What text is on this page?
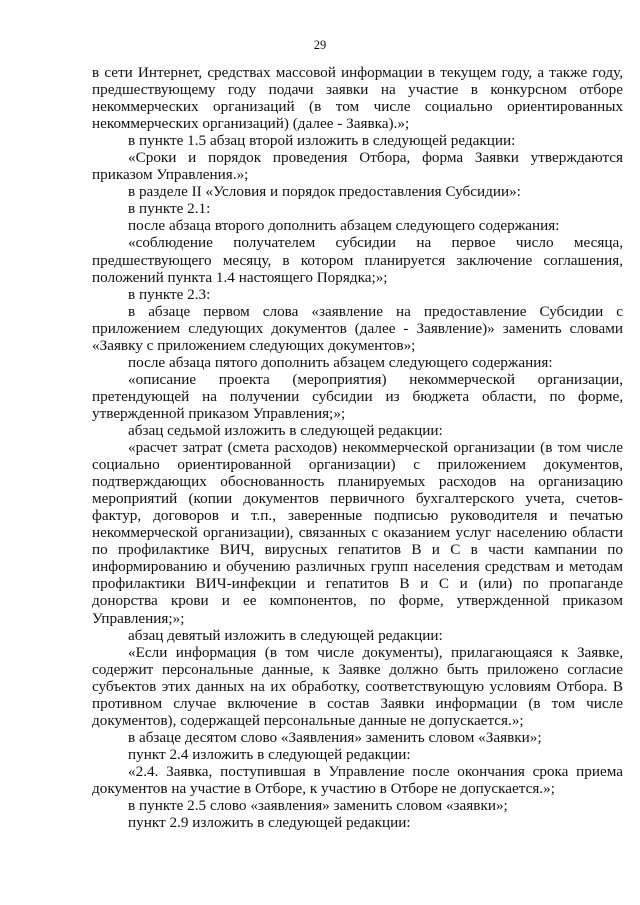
29

в сети Интернет, средствах массовой информации в текущем году, а также году, предшествующему году подачи заявки на участие в конкурсном отборе некоммерческих организаций (в том числе социально ориентированных некоммерческих организаций) (далее - Заявка).»;

в пункте 1.5 абзац второй изложить в следующей редакции:

«Сроки и порядок проведения Отбора, форма Заявки утверждаются приказом Управления.»;

в разделе II «Условия и порядок предоставления Субсидии»:

в пункте 2.1:

после абзаца второго дополнить абзацем следующего содержания:

«соблюдение получателем субсидии на первое число месяца, предшествующего месяцу, в котором планируется заключение соглашения, положений пункта 1.4 настоящего Порядка;»;

в пункте 2.3:

в абзаце первом слова «заявление на предоставление Субсидии с приложением следующих документов (далее - Заявление)» заменить словами «Заявку с приложением следующих документов»;

после абзаца пятого дополнить абзацем следующего содержания:

«описание проекта (мероприятия) некоммерческой организации, претендующей на получении субсидии из бюджета области, по форме, утвержденной приказом Управления;»;

абзац седьмой изложить в следующей редакции:

«расчет затрат (смета расходов) некоммерческой организации (в том числе социально ориентированной организации) с приложением документов, подтверждающих обоснованность планируемых расходов на организацию мероприятий (копии документов первичного бухгалтерского учета, счетов-фактур, договоров и т.п., заверенные подписью руководителя и печатью некоммерческой организации), связанных с оказанием услуг населению области по профилактике ВИЧ, вирусных гепатитов В и С в части кампании по информированию и обучению различных групп населения средствам и методам профилактики ВИЧ-инфекции и гепатитов В и С и (или) по пропаганде донорства крови и ее компонентов, по форме, утвержденной приказом Управления;»;

абзац девятый изложить в следующей редакции:

«Если информация (в том числе документы), прилагающаяся к Заявке, содержит персональные данные, к Заявке должно быть приложено согласие субъектов этих данных на их обработку, соответствующую условиям Отбора. В противном случае включение в состав Заявки информации (в том числе документов), содержащей персональные данные не допускается.»;

в абзаце десятом слово «Заявления» заменить словом «Заявки»;

пункт 2.4 изложить в следующей редакции:

«2.4. Заявка, поступившая в Управление после окончания срока приема документов на участие в Отборе, к участию в Отборе не допускается.»;

в пункте 2.5 слово «заявления» заменить словом «заявки»;

пункт 2.9 изложить в следующей редакции:
